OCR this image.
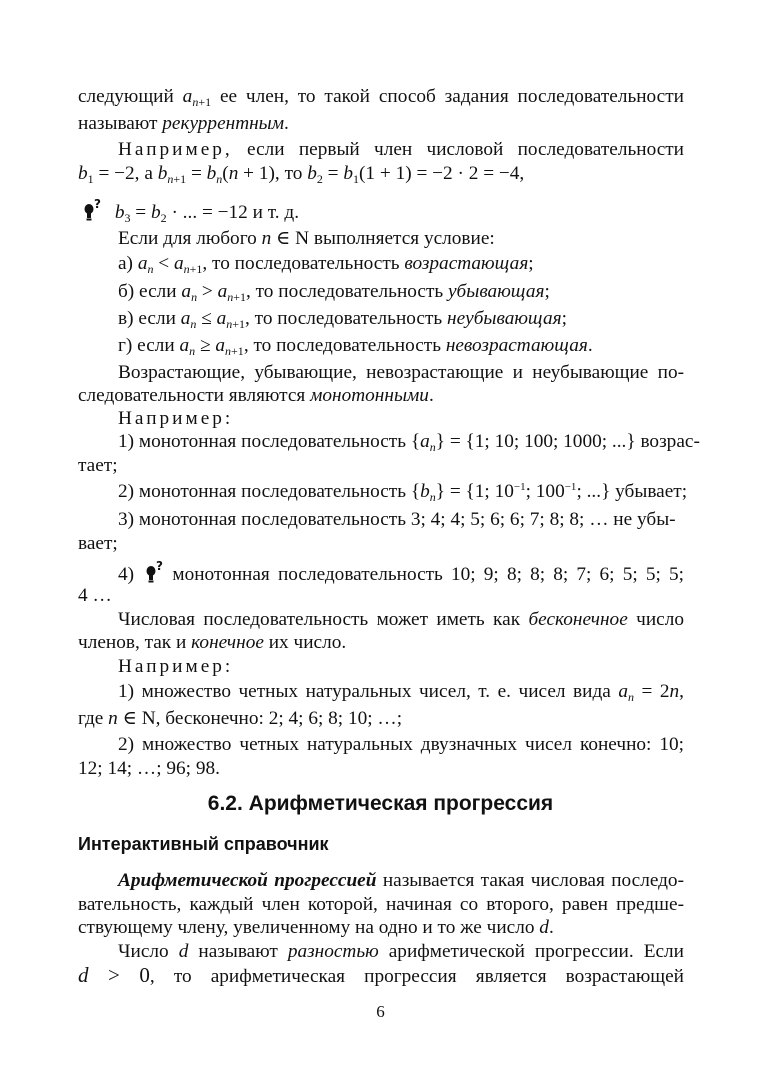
следующий $a_{n+1}$ ее член, то такой способ задания последовательности
называют рекуррентным.
Например, если первый член числовой последовательности
$b_1 = -2$, а $b_{n+1} = b_n(n + 1)$, то $b_2 = b_1(1 + 1) = -2 \cdot 2 = -4$,
? $b_3 = b_2$ · ... = −12 и т. д.
Если для любого n ∈ N выполняется условие:
а) $a_n < a_{n+1}$, то последовательность возрастающая;
б) если $a_n > a_{n+1}$, то последовательность убывающая;
в) если $a_n \le a_{n+1}$, то последовательность неубывающая;
г) если $a_n \ge a_{n+1}$, то последовательность невозрастающая.
Возрастающие, убывающие, невозрастающие и неубывающие по-
следовательности являются монотонными.
Например:
1) монотонная последовательность $\{a_n\} = \{1$; 10; 100; 1000; ...} возрас-
тает;
2) монотонная последовательность $\{b_n\} = \{1$; $10^{-1}$; $100^{-1}$; ...} убывает;
3) монотонная последовательность 3; 4; 4; 5; 6; 6; 7; 8; 8; … не убы-
вает;
4) ? монотонная последовательность 10; 9; 8; 8; 8; 7; 6; 5; 5; 5;
4 …
Числовая последовательность может иметь как бесконечное число
членов, так и конечное их число.
Например:
1) множество четных натуральных чисел, т. е. чисел вида $a_n = 2n$,
где n ∈ N, бесконечно: 2; 4; 6; 8; 10; …;
2) множество четных натуральных двузначных чисел конечно: 10;
12; 14; …; 96; 98.
6.2. Арифметическая прогрессия
Интерактивный справочник
Арифметической прогрессией называется такая числовая последо-
вательность, каждый член которой, начиная со второго, равен предше-
ствующему члену, увеличенному на одно и то же число d.
Число d называют разностью арифметической прогрессии. Если
d > 0, то арифметическая прогрессия является возрастающей
6
